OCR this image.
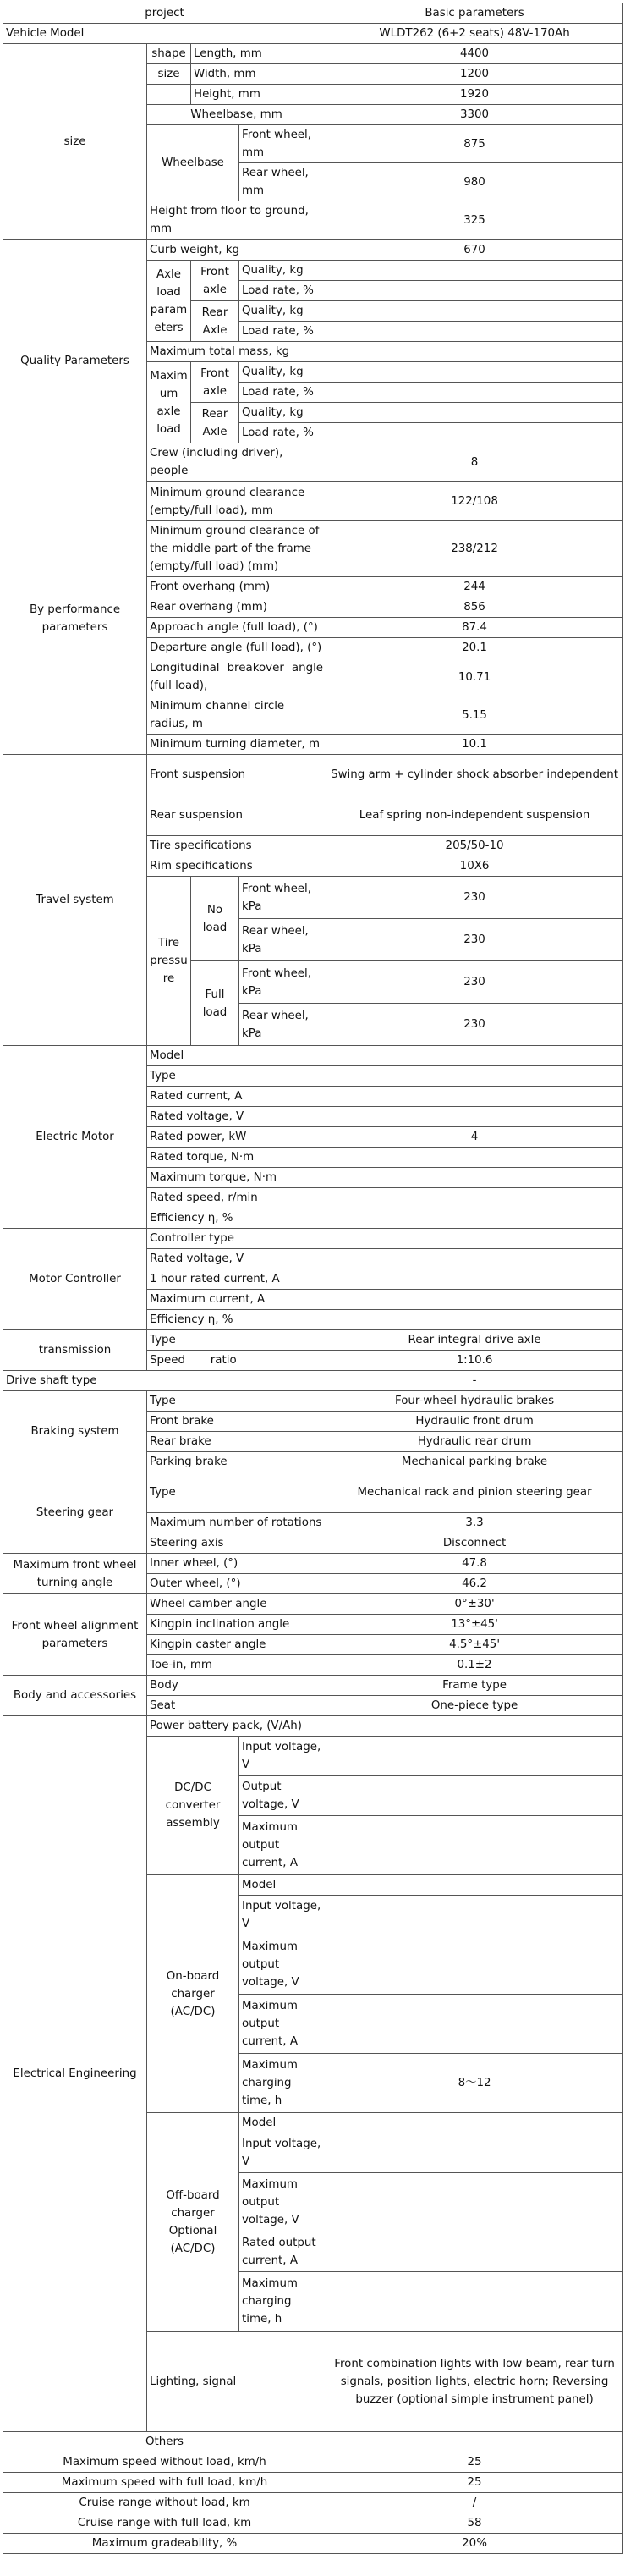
project				Basic parameters
Vehicle Model				WLDT262 (6+2 seats) 48V-170Ah
size	shape	Length, mm		4400
	size	Width, mm		1200
		Height, mm		1920
	Wheelbase, mm			3300
	Wheelbase		Front wheel, mm	875
			Rear wheel, mm	980
	Height from floor to ground, mm			325

Quality Parameters	Curb weight, kg			670
	Axle load parameters	Front axle	Quality, kg	
			Load rate, %	
		Rear Axle	Quality, kg	
			Load rate, %	
	Maximum total mass, kg			
	Maximum axle load	Front axle	Quality, kg	
			Load rate, %	
		Rear Axle	Quality, kg	
			Load rate, %	
	Crew (including driver), people			8

By performance parameters	Minimum ground clearance (empty/full load), mm			122/108
	Minimum ground clearance of the middle part of the frame (empty/full load) (mm)			238/212
	Front overhang (mm)			244
	Rear overhang (mm)			856
	Approach angle (full load), (°)			87.4
	Departure angle (full load), (°)			20.1
	Longitudinal breakover angle (full load),			10.71
	Minimum channel circle radius, m			5.15
	Minimum turning diameter, m			10.1
Travel system	Front suspension			Swing arm + cylinder shock absorber independent
	Rear suspension			Leaf spring non-independent suspension
	Tire specifications			205/50-10
	Rim specifications			10X6
	Tire pressure	No load	Front wheel, kPa	230
			Rear wheel, kPa	230
		Full load	Front wheel, kPa	230
			Rear wheel, kPa	230
Electric Motor	Model			
	Type			
	Rated current, A			
	Rated voltage, V			
	Rated power, kW			4
	Rated torque, N·m			
	Maximum torque, N·m			
	Rated speed, r/min			
	Efficiency η, %			
Motor Controller	Controller type			
	Rated voltage, V			
	1 hour rated current, A			
	Maximum current, A			
	Efficiency η, %			
transmission	Type			Rear integral drive axle
	Speed       ratio			1:10.6
Drive shaft type				-
Braking system	Type			Four-wheel hydraulic brakes
	Front brake			Hydraulic front drum
	Rear brake			Hydraulic rear drum
	Parking brake			Mechanical parking brake
Steering gear	Type			Mechanical rack and pinion steering gear
	Maximum number of rotations			3.3
	Steering axis			Disconnect
Maximum front wheel turning angle	Inner wheel, (°)			47.8
	Outer wheel, (°)			46.2
Front wheel alignment parameters	Wheel camber angle			0°±30'
	Kingpin inclination angle			13°±45'
	Kingpin caster angle			4.5°±45'
	Toe-in, mm			0.1±2
Body and accessories	Body			Frame type
	Seat			One-piece type
Electrical Engineering	Power battery pack, (V/Ah)			
	DC/DC converter assembly		Input voltage, V	
			Output voltage, V	
			Maximum output current, A	
	On-board charger (AC/DC)		Model	
			Input voltage, V	
			Maximum output voltage, V	
			Maximum output current, A	
			Maximum charging time, h	8～12
	Off-board charger Optional (AC/DC)		Model	
			Input voltage, V	
			Maximum output voltage, V	
			Rated output current, A	
			Maximum charging time, h	

	Lighting, signal			Front combination lights with low beam, rear turn signals, position lights, electric horn; Reversing buzzer (optional simple instrument panel)
Others				
Maximum speed without load, km/h				25
Maximum speed with full load, km/h				25
Cruise range without load, km				/
Cruise range with full load, km				58
Maximum gradeability, %				20%
